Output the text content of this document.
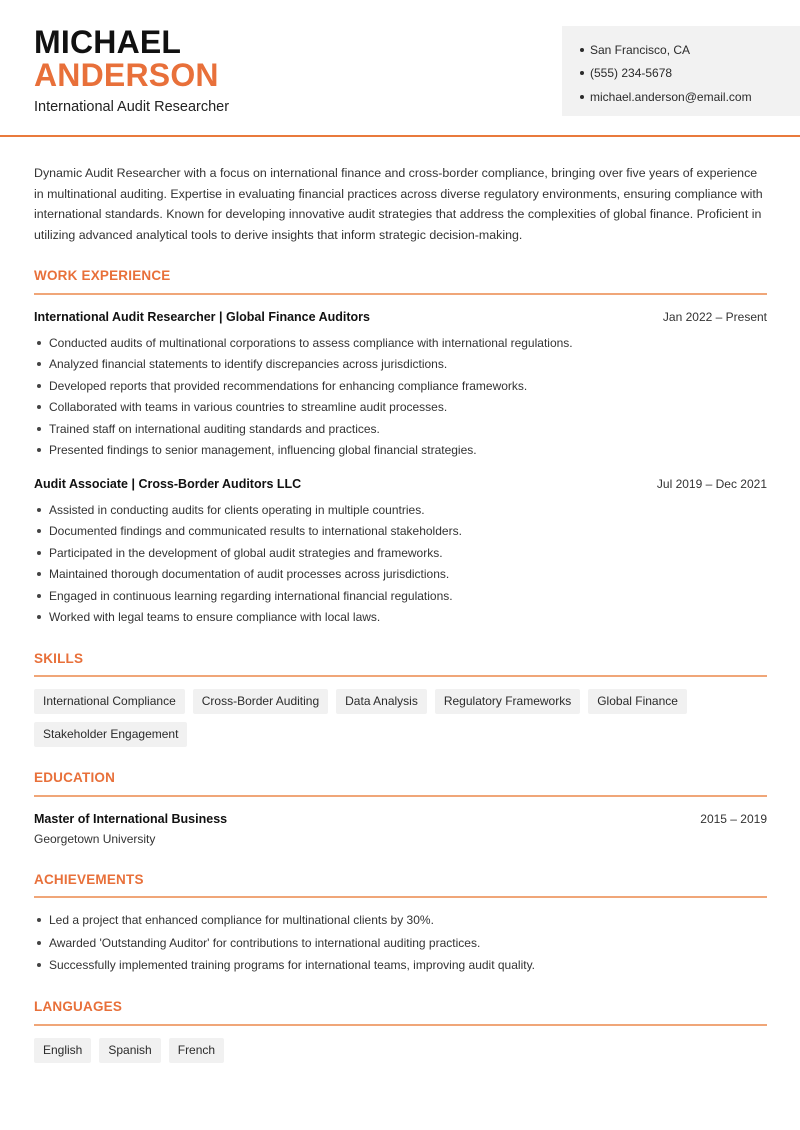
MICHAEL
ANDERSON
International Audit Researcher
San Francisco, CA
(555) 234-5678
michael.anderson@email.com

Dynamic Audit Researcher with a focus on international finance and cross-border compliance, bringing over five years of experience in multinational auditing. Expertise in evaluating financial practices across diverse regulatory environments, ensuring compliance with international standards. Known for developing innovative audit strategies that address the complexities of global finance. Proficient in utilizing advanced analytical tools to derive insights that inform strategic decision-making.

WORK EXPERIENCE
International Audit Researcher | Global Finance Auditors	Jan 2022 – Present
Conducted audits of multinational corporations to assess compliance with international regulations.
Analyzed financial statements to identify discrepancies across jurisdictions.
Developed reports that provided recommendations for enhancing compliance frameworks.
Collaborated with teams in various countries to streamline audit processes.
Trained staff on international auditing standards and practices.
Presented findings to senior management, influencing global financial strategies.
Audit Associate | Cross-Border Auditors LLC	Jul 2019 – Dec 2021
Assisted in conducting audits for clients operating in multiple countries.
Documented findings and communicated results to international stakeholders.
Participated in the development of global audit strategies and frameworks.
Maintained thorough documentation of audit processes across jurisdictions.
Engaged in continuous learning regarding international financial regulations.
Worked with legal teams to ensure compliance with local laws.
SKILLS
International Compliance	Cross-Border Auditing	Data Analysis	Regulatory Frameworks	Global Finance
Stakeholder Engagement
EDUCATION
Master of International Business
Georgetown University
2015 – 2019
ACHIEVEMENTS
Led a project that enhanced compliance for multinational clients by 30%.
Awarded 'Outstanding Auditor' for contributions to international auditing practices.
Successfully implemented training programs for international teams, improving audit quality.
LANGUAGES
English	Spanish	French
